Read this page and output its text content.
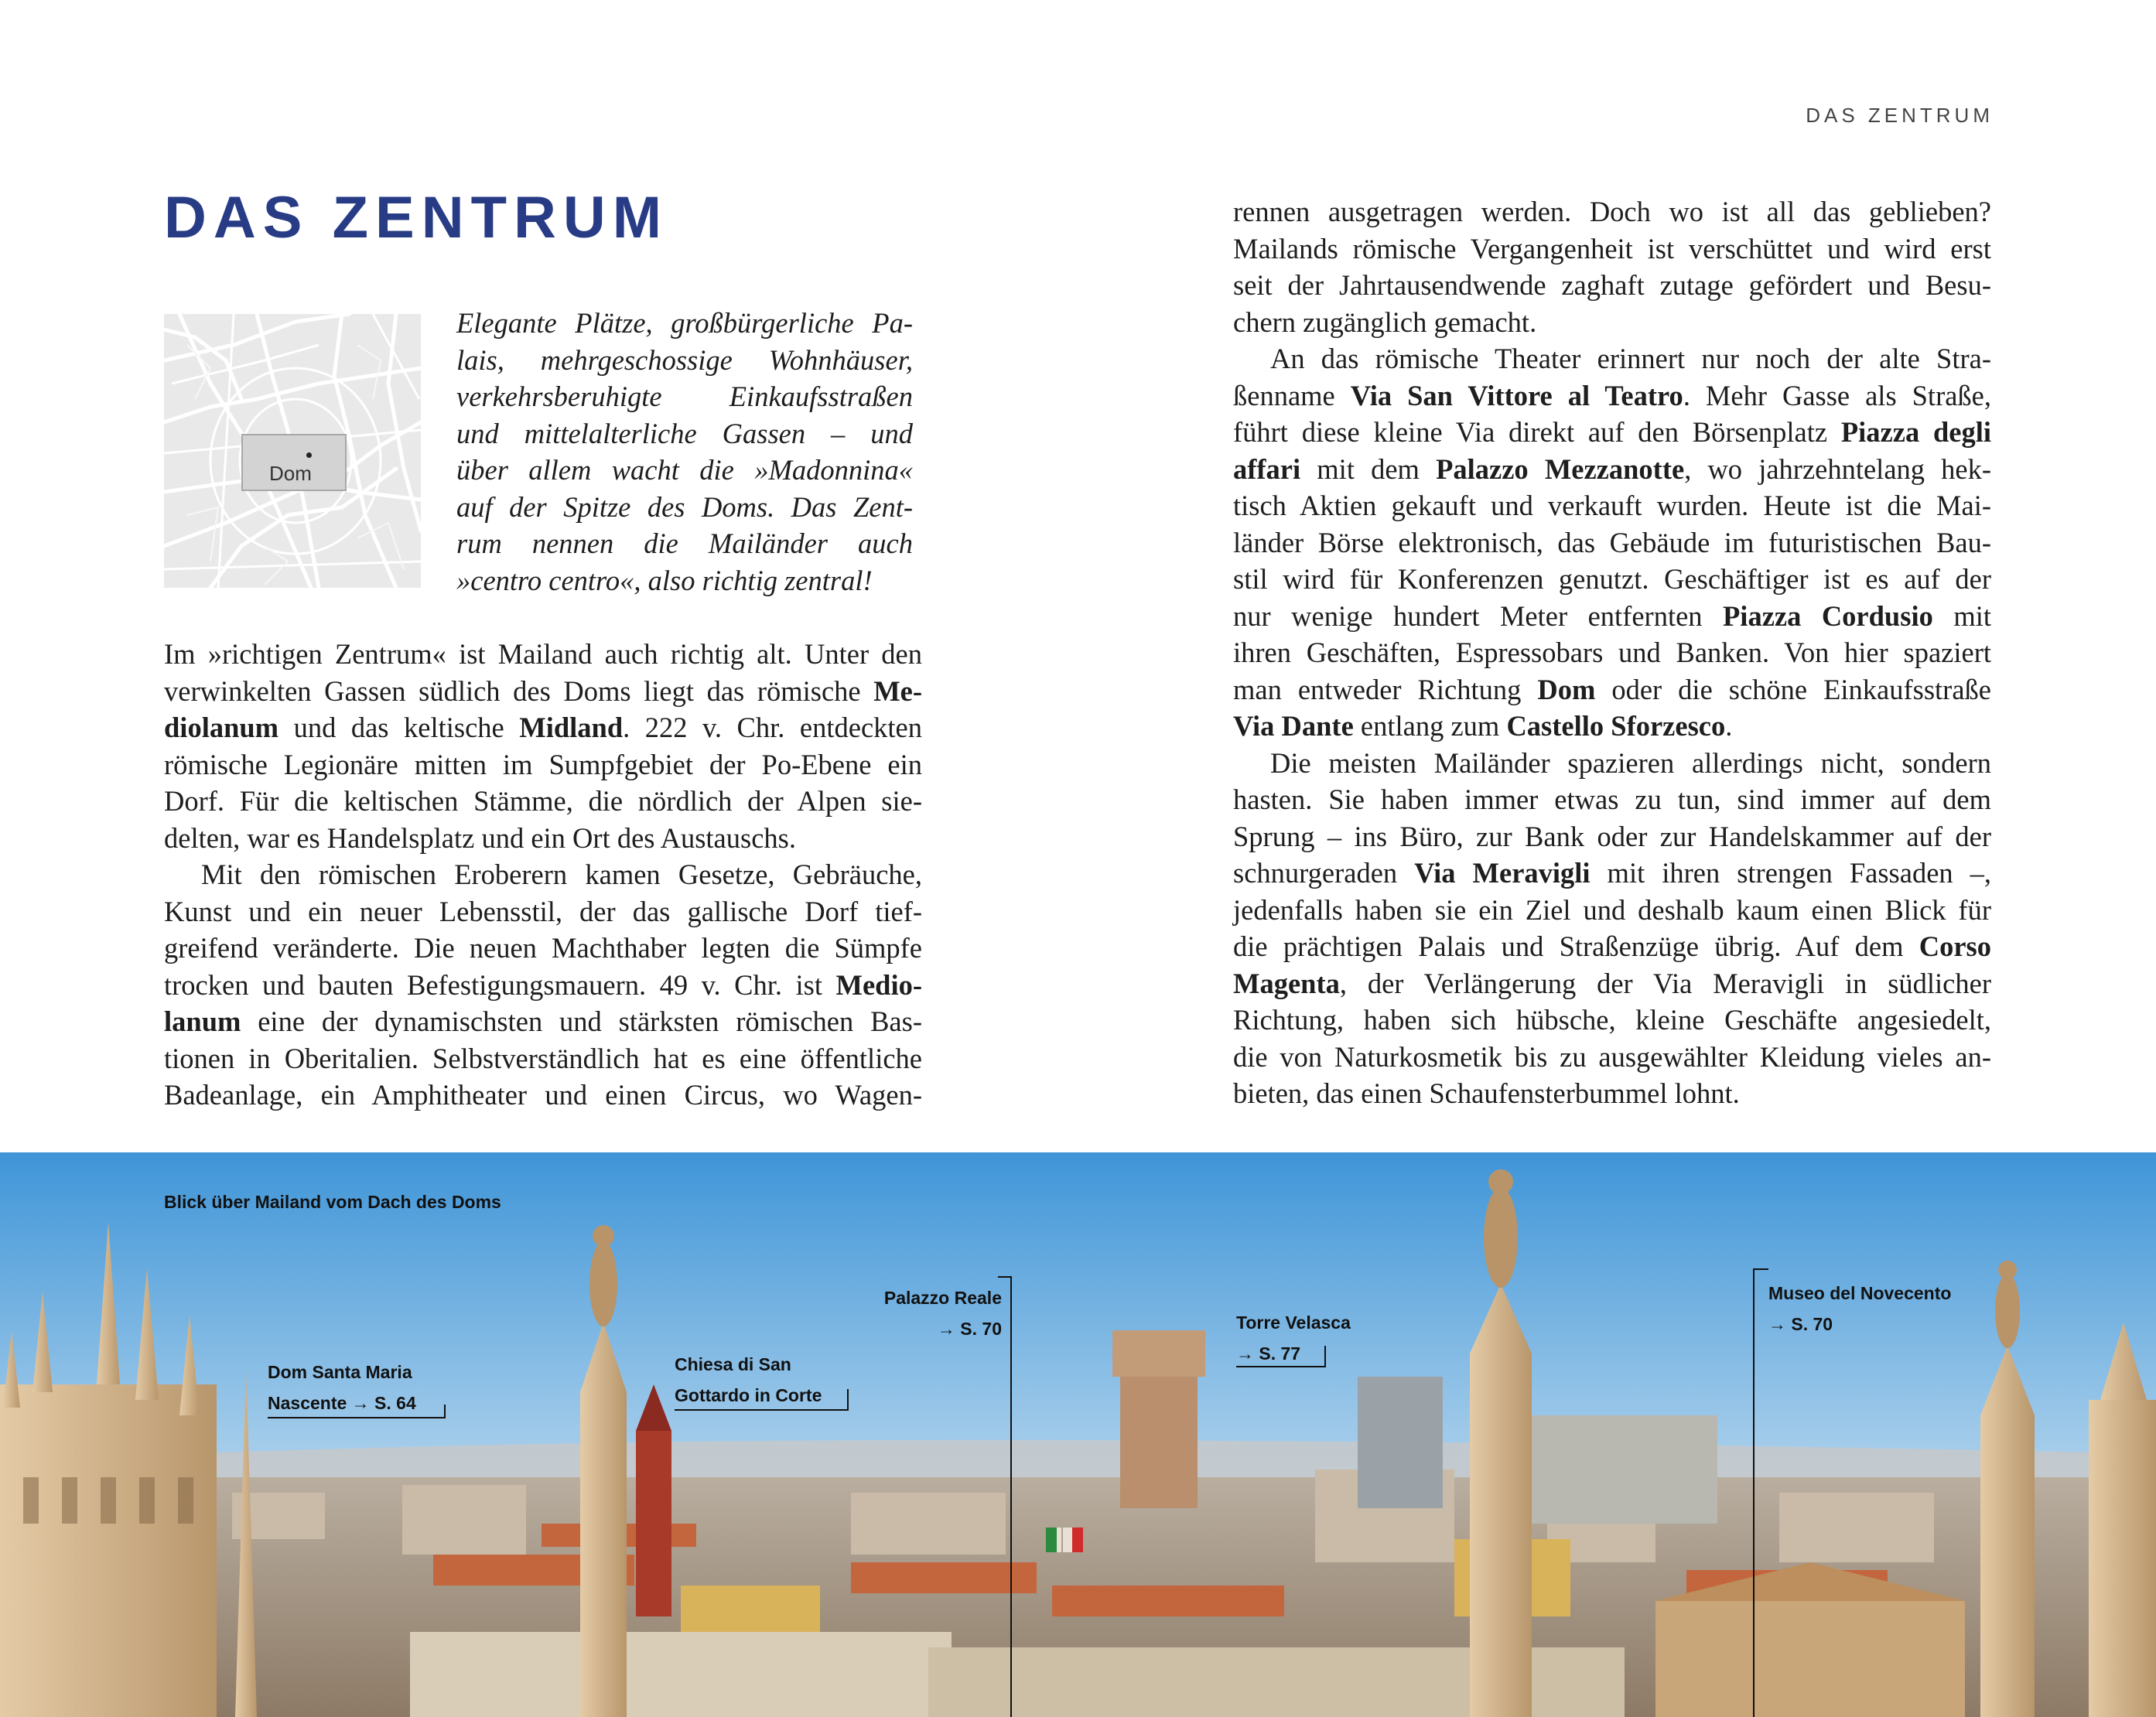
DAS ZENTRUM
DAS ZENTRUM
Dom
Elegante Plätze, großbürgerliche Pa-
lais, mehrgeschossige Wohnhäuser,
verkehrsberuhigte Einkaufsstraßen
und mittelalterliche Gassen – und
über allem wacht die »Madonnina«
auf der Spitze des Doms. Das Zent-
rum nennen die Mailänder auch
»centro centro«, also richtig zentral!
Im »richtigen Zentrum« ist Mailand auch richtig alt. Unter den
verwinkelten Gassen südlich des Doms liegt das römische Me-
diolanum und das keltische Midland. 222 v. Chr. entdeckten
römische Legionäre mitten im Sumpfgebiet der Po-Ebene ein
Dorf. Für die keltischen Stämme, die nördlich der Alpen sie-
delten, war es Handelsplatz und ein Ort des Austauschs.
Mit den römischen Eroberern kamen Gesetze, Gebräuche,
Kunst und ein neuer Lebensstil, der das gallische Dorf tief-
greifend veränderte. Die neuen Machthaber legten die Sümpfe
trocken und bauten Befestigungsmauern. 49 v. Chr. ist Medio-
lanum eine der dynamischsten und stärksten römischen Bas-
tionen in Oberitalien. Selbstverständlich hat es eine öffentliche
Badeanlage, ein Amphitheater und einen Circus, wo Wagen-
rennen ausgetragen werden. Doch wo ist all das geblieben?
Mailands römische Vergangenheit ist verschüttet und wird erst
seit der Jahrtausendwende zaghaft zutage gefördert und Besu-
chern zugänglich gemacht.
An das römische Theater erinnert nur noch der alte Stra-
ßenname Via San Vittore al Teatro. Mehr Gasse als Straße,
führt diese kleine Via direkt auf den Börsenplatz Piazza degli
affari mit dem Palazzo Mezzanotte, wo jahrzehntelang hek-
tisch Aktien gekauft und verkauft wurden. Heute ist die Mai-
länder Börse elektronisch, das Gebäude im futuristischen Bau-
stil wird für Konferenzen genutzt. Geschäftiger ist es auf der
nur wenige hundert Meter entfernten Piazza Cordusio mit
ihren Geschäften, Espressobars und Banken. Von hier spaziert
man entweder Richtung Dom oder die schöne Einkaufsstraße
Via Dante entlang zum Castello Sforzesco.
Die meisten Mailänder spazieren allerdings nicht, sondern
hasten. Sie haben immer etwas zu tun, sind immer auf dem
Sprung – ins Büro, zur Bank oder zur Handelskammer auf der
schnurgeraden Via Meravigli mit ihren strengen Fassaden –,
jedenfalls haben sie ein Ziel und deshalb kaum einen Blick für
die prächtigen Palais und Straßenzüge übrig. Auf dem Corso
Magenta, der Verlängerung der Via Meravigli in südlicher
Richtung, haben sich hübsche, kleine Geschäfte angesiedelt,
die von Naturkosmetik bis zu ausgewählter Kleidung vieles an-
bieten, das einen Schaufensterbummel lohnt.
Blick über Mailand vom Dach des Doms
Dom Santa Maria
Nascente → S. 64
Chiesa di San
Gottardo in Corte
Palazzo Reale
→ S. 70	Torre Velasca
→ S. 77
Museo del Novecento
→ S. 70
